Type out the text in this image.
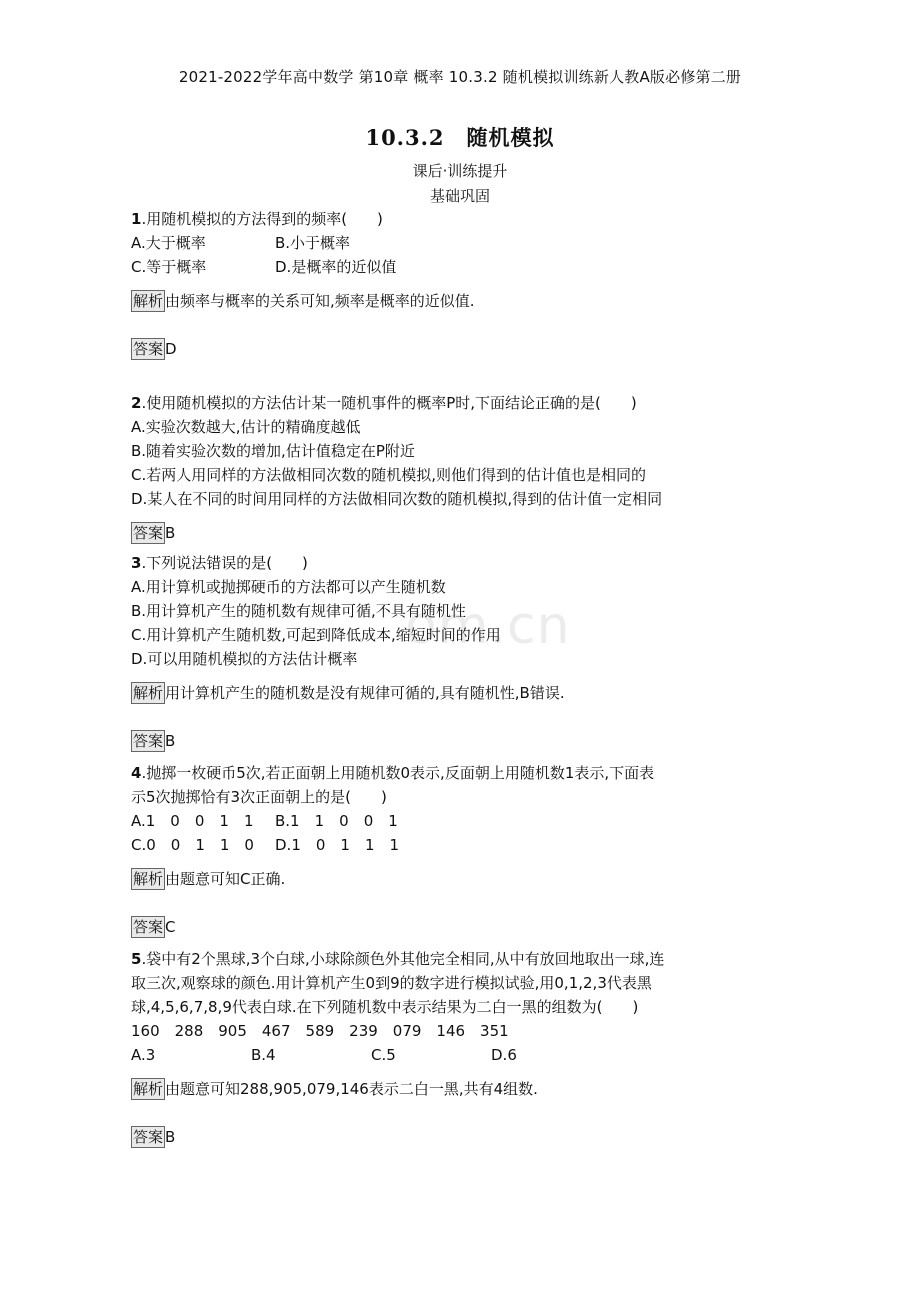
2021-2022学年高中数学 第10章 概率 10.3.2 随机模拟训练新人教A版必修第二册
10.3.2　随机模拟
课后·训练提升
基础巩固
om.cn
1.用随机模拟的方法得到的频率(　　)
A.大于概率	B.小于概率
C.等于概率	D.是概率的近似值
解析 由频率与概率的关系可知,频率是概率的近似值.
答案 D
2.使用随机模拟的方法估计某一随机事件的概率P时,下面结论正确的是(　　)
A.实验次数越大,估计的精确度越低
B.随着实验次数的增加,估计值稳定在P附近
C.若两人用同样的方法做相同次数的随机模拟,则他们得到的估计值也是相同的
D.某人在不同的时间用同样的方法做相同次数的随机模拟,得到的估计值一定相同
答案 B
3.下列说法错误的是(　　)
A.用计算机或抛掷硬币的方法都可以产生随机数
B.用计算机产生的随机数有规律可循,不具有随机性
C.用计算机产生随机数,可起到降低成本,缩短时间的作用
D.可以用随机模拟的方法估计概率
解析 用计算机产生的随机数是没有规律可循的,具有随机性,B错误.
答案 B
4.抛掷一枚硬币5次,若正面朝上用随机数0表示,反面朝上用随机数1表示,下面表
示5次抛掷恰有3次正面朝上的是(　　)
A.1　0　0　1　1	B.1　1　0　0　1
C.0　0　1　1　0	D.1　0　1　1　1
解析 由题意可知C正确.
答案 C
5.袋中有2个黑球,3个白球,小球除颜色外其他完全相同,从中有放回地取出一球,连
取三次,观察球的颜色.用计算机产生0到9的数字进行模拟试验,用0,1,2,3代表黑
球,4,5,6,7,8,9代表白球.在下列随机数中表示结果为二白一黑的组数为(　　)
160　288　905　467　589　239　079　146　351
A.3	B.4	C.5	D.6
解析 由题意可知288,905,079,146表示二白一黑,共有4组数.
答案 B
